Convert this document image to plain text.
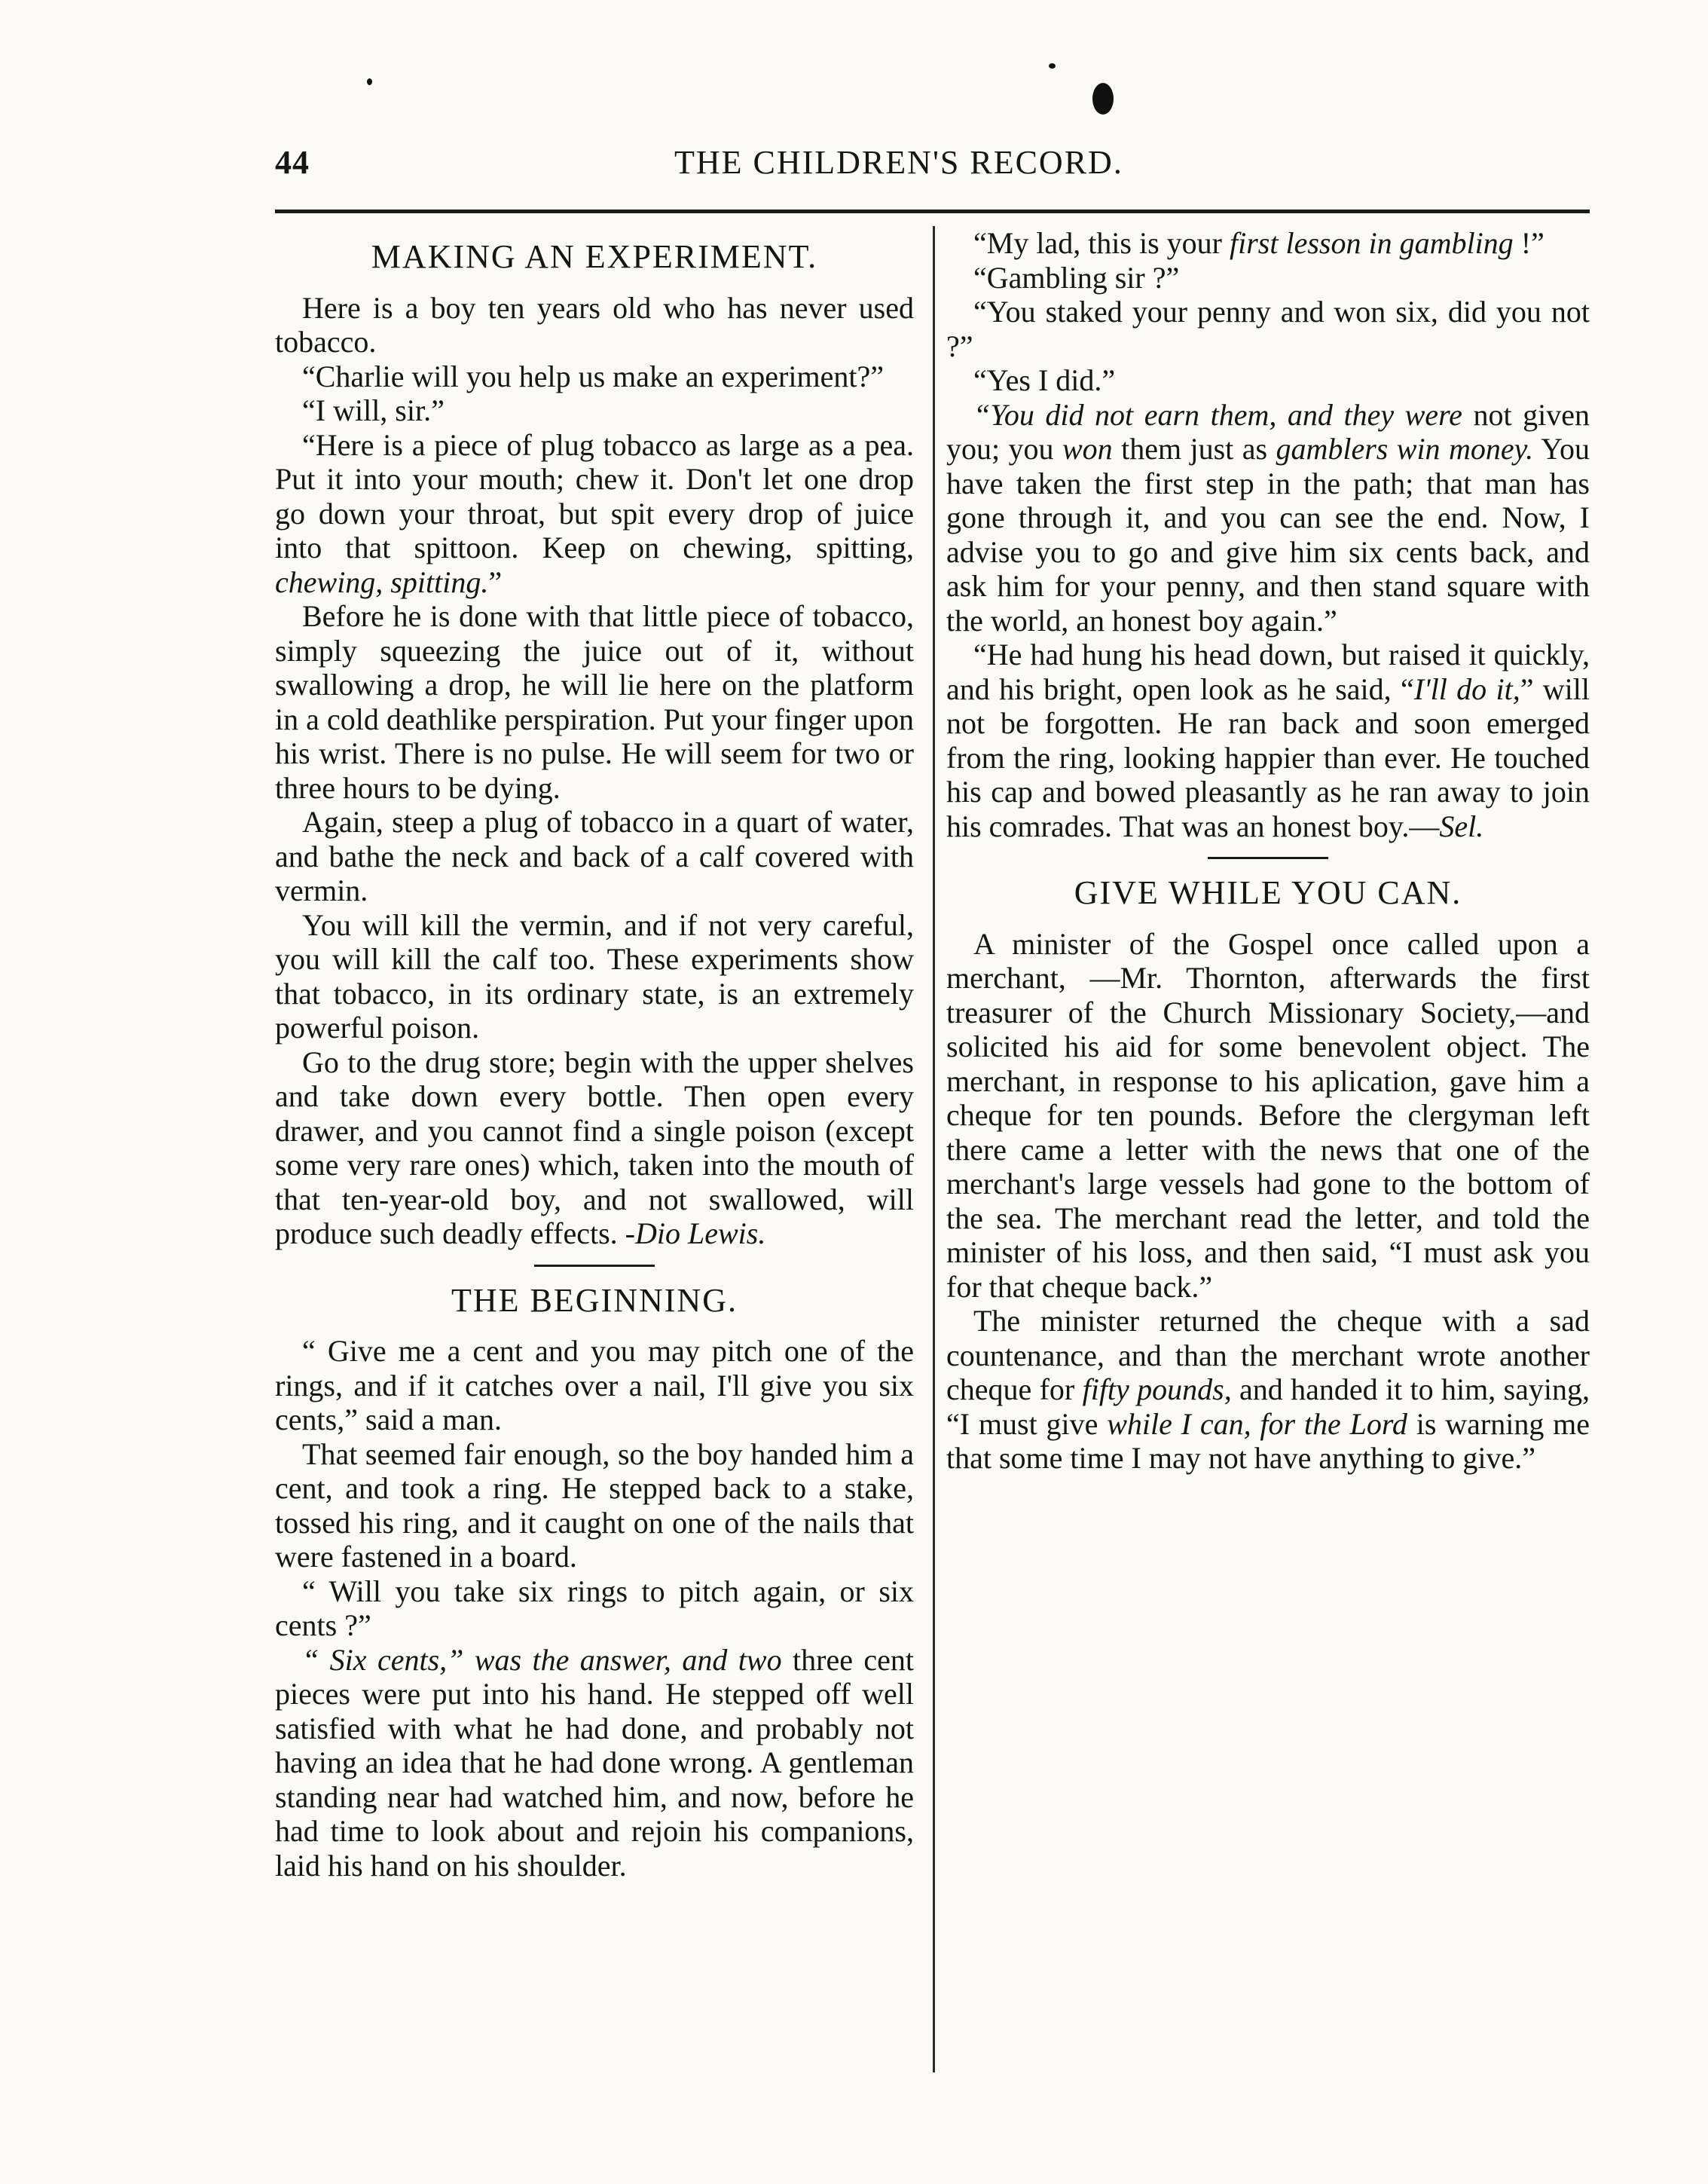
44	THE CHILDREN'S RECORD.
MAKING AN EXPERIMENT.

Here is a boy ten years old who has never used tobacco.

“Charlie will you help us make an experiment?”

“I will, sir.”

“Here is a piece of plug tobacco as large as a pea. Put it into your mouth; chew it. Don't let one drop go down your throat, but spit every drop of juice into that spittoon. Keep on chewing, spitting, chewing, spitting.”

Before he is done with that little piece of tobacco, simply squeezing the juice out of it, without swallowing a drop, he will lie here on the platform in a cold deathlike perspiration. Put your finger upon his wrist. There is no pulse. He will seem for two or three hours to be dying.

Again, steep a plug of tobacco in a quart of water, and bathe the neck and back of a calf covered with vermin.

You will kill the vermin, and if not very careful, you will kill the calf too. These experiments show that tobacco, in its ordinary state, is an extremely powerful poison.

Go to the drug store; begin with the upper shelves and take down every bottle. Then open every drawer, and you cannot find a single poison (except some very rare ones) which, taken into the mouth of that ten-year-old boy, and not swallowed, will produce such deadly effects. -Dio Lewis.

THE BEGINNING.

“ Give me a cent and you may pitch one of the rings, and if it catches over a nail, I'll give you six cents,” said a man.

That seemed fair enough, so the boy handed him a cent, and took a ring. He stepped back to a stake, tossed his ring, and it caught on one of the nails that were fastened in a board.

“ Will you take six rings to pitch again, or six cents ?”

“ Six cents,” was the answer, and two three cent pieces were put into his hand. He stepped off well satisfied with what he had done, and probably not having an idea that he had done wrong. A gentleman standing near had watched him, and now, before he had time to look about and rejoin his companions, laid his hand on his shoulder.

“My lad, this is your first lesson in gambling !”

“Gambling sir ?”

“You staked your penny and won six, did you not ?”

“Yes I did.”

“You did not earn them, and they were not given you; you won them just as gamblers win money. You have taken the first step in the path; that man has gone through it, and you can see the end. Now, I advise you to go and give him six cents back, and ask him for your penny, and then stand square with the world, an honest boy again.”

“He had hung his head down, but raised it quickly, and his bright, open look as he said, “I'll do it,” will not be forgotten. He ran back and soon emerged from the ring, looking happier than ever. He touched his cap and bowed pleasantly as he ran away to join his comrades. That was an honest boy.—Sel.

GIVE WHILE YOU CAN.

A minister of the Gospel once called upon a merchant, —Mr. Thornton, afterwards the first treasurer of the Church Missionary Society,—and solicited his aid for some benevolent object. The merchant, in response to his aplication, gave him a cheque for ten pounds. Before the clergyman left there came a letter with the news that one of the merchant's large vessels had gone to the bottom of the sea. The merchant read the letter, and told the minister of his loss, and then said, “I must ask you for that cheque back.”

The minister returned the cheque with a sad countenance, and than the merchant wrote another cheque for fifty pounds, and handed it to him, saying, “I must give while I can, for the Lord is warning me that some time I may not have anything to give.”
